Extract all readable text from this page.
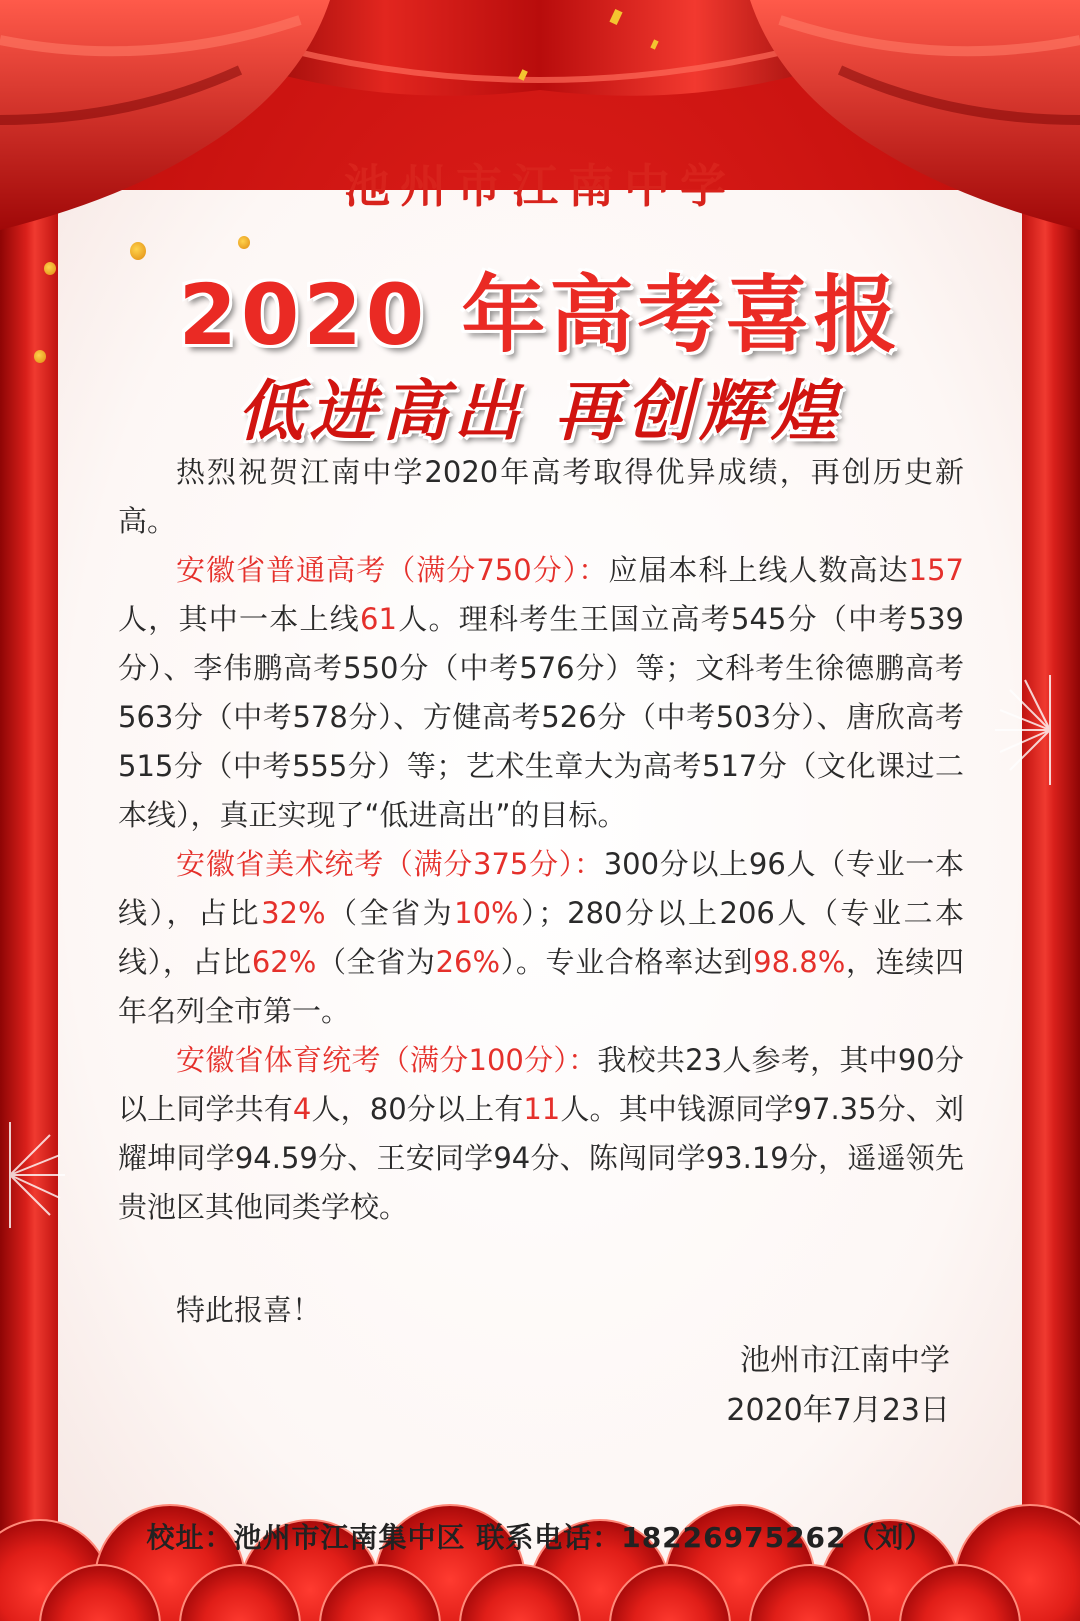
池州市江南中学
2020 年高考喜报
低进高出 再创辉煌

热烈祝贺江南中学2020年高考取得优异成绩，再创历史新高。

安徽省普通高考（满分750分）：应届本科上线人数高达157人，其中一本上线61人。理科考生王国立高考545分（中考539分）、李伟鹏高考550分（中考576分）等；文科考生徐德鹏高考563分（中考578分）、方健高考526分（中考503分）、唐欣高考515分（中考555分）等；艺术生章大为高考517分（文化课过二本线），真正实现了“低进高出”的目标。

安徽省美术统考（满分375分）：300分以上96人（专业一本线），占比32%（全省为10%）；280分以上206人（专业二本线），占比62%（全省为26%）。专业合格率达到98.8%，连续四年名列全市第一。

安徽省体育统考（满分100分）：我校共23人参考，其中90分以上同学共有4人，80分以上有11人。其中钱源同学97.35分、刘耀坤同学94.59分、王安同学94分、陈闯同学93.19分，遥遥领先贵池区其他同类学校。

特此报喜！
池州市江南中学
2020年7月23日
校址：池州市江南集中区 联系电话：18226975262（刘）
